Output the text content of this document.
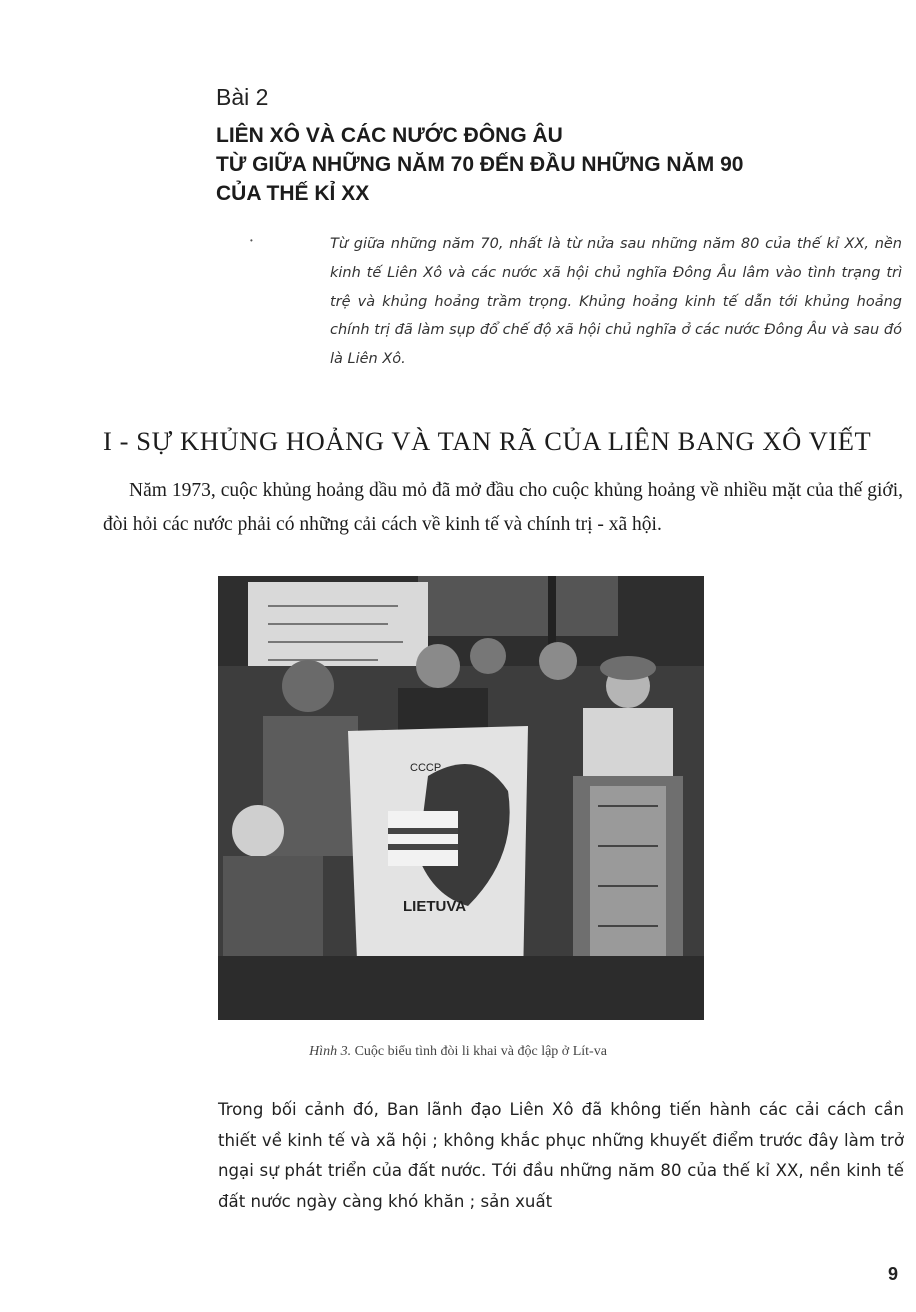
Bài 2
LIÊN XÔ VÀ CÁC NƯỚC ĐÔNG ÂU
TỪ GIỮA NHỮNG NĂM 70 ĐẾN ĐẦU NHỮNG NĂM 90
CỦA THẾ KỈ XX
•	Từ giữa những năm 70, nhất là từ nửa sau những năm 80 của thế kỉ XX, nền kinh tế Liên Xô và các nước xã hội chủ nghĩa Đông Âu lâm vào tình trạng trì trệ và khủng hoảng trầm trọng. Khủng hoảng kinh tế dẫn tới khủng hoảng chính trị đã làm sụp đổ chế độ xã hội chủ nghĩa ở các nước Đông Âu và sau đó là Liên Xô.
I - SỰ KHỦNG HOẢNG VÀ TAN RÃ CỦA LIÊN BANG XÔ VIẾT
Năm 1973, cuộc khủng hoảng dầu mỏ đã mở đầu cho cuộc khủng hoảng về nhiều mặt của thế giới, đòi hỏi các nước phải có những cải cách về kinh tế và chính trị - xã hội.
CCCP
LIETUVA
Hình 3. Cuộc biểu tình đòi li khai và độc lập ở Lít-va
Trong bối cảnh đó, Ban lãnh đạo Liên Xô đã không tiến hành các cải cách cần thiết về kinh tế và xã hội ; không khắc phục những khuyết điểm trước đây làm trở ngại sự phát triển của đất nước. Tới đầu những năm 80 của thế kỉ XX, nền kinh tế đất nước ngày càng khó khăn ; sản xuất
9
